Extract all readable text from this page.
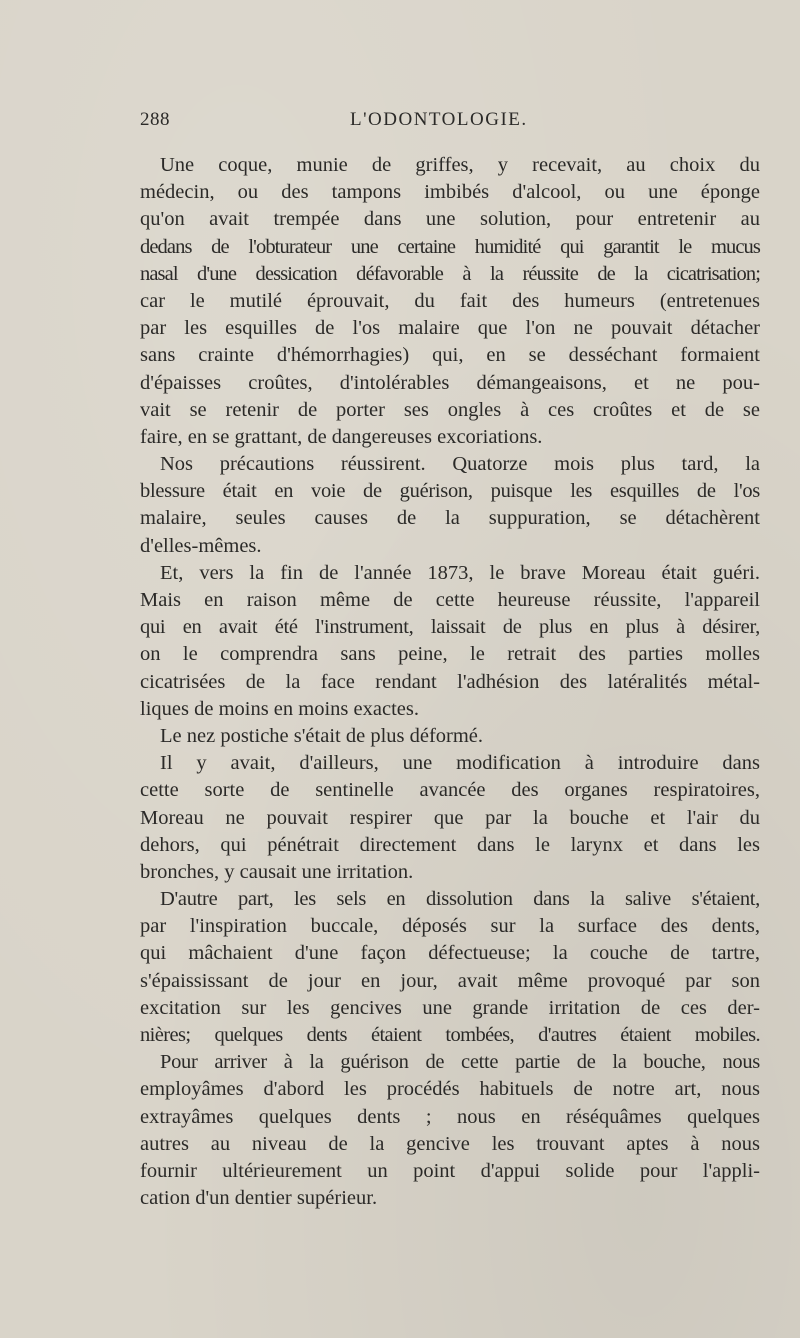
288	L'ODONTOLOGIE.
Une coque, munie de griffes, y recevait, au choix du
médecin, ou des tampons imbibés d'alcool, ou une éponge
qu'on avait trempée dans une solution, pour entretenir au
dedans de l'obturateur une certaine humidité qui garantit le mucus
nasal d'une dessication défavorable à la réussite de la cicatrisation;
car le mutilé éprouvait, du fait des humeurs (entretenues
par les esquilles de l'os malaire que l'on ne pouvait détacher
sans crainte d'hémorrhagies) qui, en se desséchant formaient
d'épaisses croûtes, d'intolérables démangeaisons, et ne pou-
vait se retenir de porter ses ongles à ces croûtes et de se
faire, en se grattant, de dangereuses excoriations.
Nos précautions réussirent. Quatorze mois plus tard, la
blessure était en voie de guérison, puisque les esquilles de l'os
malaire, seules causes de la suppuration, se détachèrent
d'elles-mêmes.
Et, vers la fin de l'année 1873, le brave Moreau était guéri.
Mais en raison même de cette heureuse réussite, l'appareil
qui en avait été l'instrument, laissait de plus en plus à désirer,
on le comprendra sans peine, le retrait des parties molles
cicatrisées de la face rendant l'adhésion des latéralités métal-
liques de moins en moins exactes.
Le nez postiche s'était de plus déformé.
Il y avait, d'ailleurs, une modification à introduire dans
cette sorte de sentinelle avancée des organes respiratoires,
Moreau ne pouvait respirer que par la bouche et l'air du
dehors, qui pénétrait directement dans le larynx et dans les
bronches, y causait une irritation.
D'autre part, les sels en dissolution dans la salive s'étaient,
par l'inspiration buccale, déposés sur la surface des dents,
qui mâchaient d'une façon défectueuse; la couche de tartre,
s'épaississant de jour en jour, avait même provoqué par son
excitation sur les gencives une grande irritation de ces der-
nières; quelques dents étaient tombées, d'autres étaient mobiles.
Pour arriver à la guérison de cette partie de la bouche, nous
employâmes d'abord les procédés habituels de notre art, nous
extrayâmes quelques dents ; nous en réséquâmes quelques
autres au niveau de la gencive les trouvant aptes à nous
fournir ultérieurement un point d'appui solide pour l'appli-
cation d'un dentier supérieur.
